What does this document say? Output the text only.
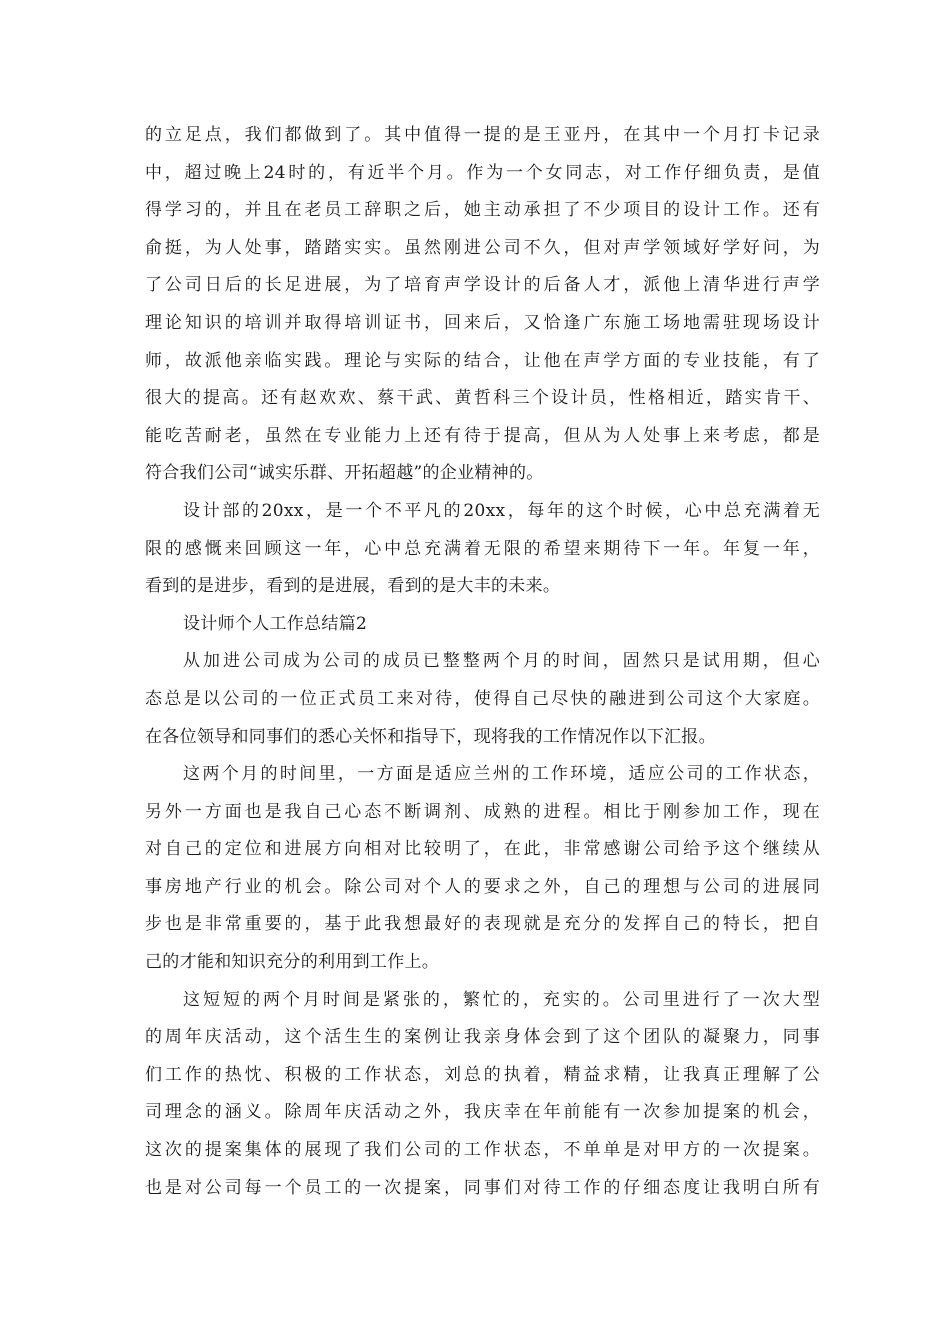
的立足点，我们都做到了。其中值得一提的是王亚丹，在其中一个月打卡记录
中，超过晚上24时的，有近半个月。作为一个女同志，对工作仔细负责，是值
得学习的，并且在老员工辞职之后，她主动承担了不少项目的设计工作。还有
俞挺，为人处事，踏踏实实。虽然刚进公司不久，但对声学领域好学好问，为
了公司日后的长足进展，为了培育声学设计的后备人才，派他上清华进行声学
理论知识的培训并取得培训证书，回来后，又恰逢广东施工场地需驻现场设计
师，故派他亲临实践。理论与实际的结合，让他在声学方面的专业技能，有了
很大的提高。还有赵欢欢、蔡干武、黄哲科三个设计员，性格相近，踏实肯干、
能吃苦耐老，虽然在专业能力上还有待于提高，但从为人处事上来考虑，都是
符合我们公司“诚实乐群、开拓超越”的企业精神的。
设计部的20xx，是一个不平凡的20xx，每年的这个时候，心中总充满着无
限的感慨来回顾这一年，心中总充满着无限的希望来期待下一年。年复一年，
看到的是进步，看到的是进展，看到的是大丰的未来。
设计师个人工作总结篇2
从加进公司成为公司的成员已整整两个月的时间，固然只是试用期，但心
态总是以公司的一位正式员工来对待，使得自己尽快的融进到公司这个大家庭。
在各位领导和同事们的悉心关怀和指导下，现将我的工作情况作以下汇报。
这两个月的时间里，一方面是适应兰州的工作环境，适应公司的工作状态，
另外一方面也是我自己心态不断调剂、成熟的进程。相比于刚参加工作，现在
对自己的定位和进展方向相对比较明了，在此，非常感谢公司给予这个继续从
事房地产行业的机会。除公司对个人的要求之外，自己的理想与公司的进展同
步也是非常重要的，基于此我想最好的表现就是充分的发挥自己的特长，把自
己的才能和知识充分的利用到工作上。
这短短的两个月时间是紧张的，繁忙的，充实的。公司里进行了一次大型
的周年庆活动，这个活生生的案例让我亲身体会到了这个团队的凝聚力，同事
们工作的热忱、积极的工作状态，刘总的执着，精益求精，让我真正理解了公
司理念的涵义。除周年庆活动之外，我庆幸在年前能有一次参加提案的机会，
这次的提案集体的展现了我们公司的工作状态，不单单是对甲方的一次提案。
也是对公司每一个员工的一次提案，同事们对待工作的仔细态度让我明白所有
